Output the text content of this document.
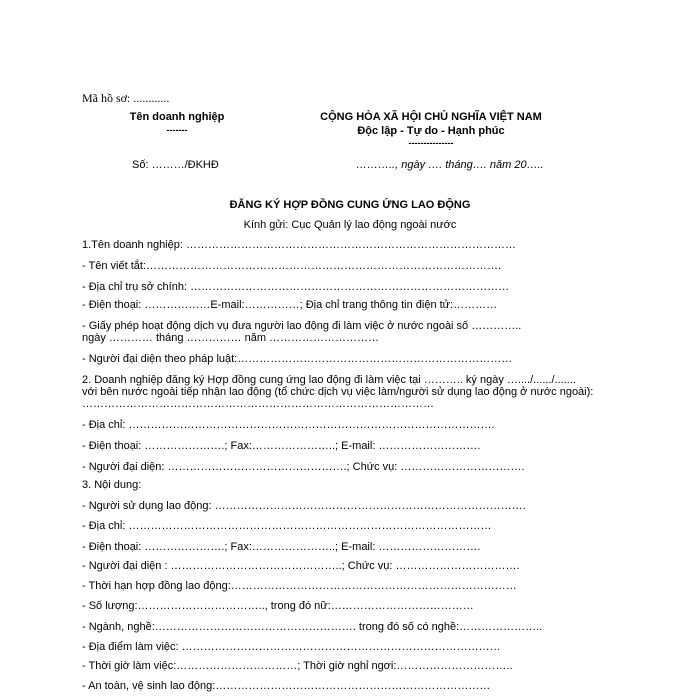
Mã hồ sơ: ............
Tên doanh nghiệp
-------
CỘNG HÒA XÃ HỘI CHỦ NGHĨA VIỆT NAM
Độc lập - Tự do - Hạnh phúc
---------------
Số: ………/ĐKHĐ	……….., ngày …. tháng…. năm 20…..
ĐĂNG KÝ HỢP ĐỒNG CUNG ỨNG LAO ĐỘNG
Kính gửi: Cục Quản lý lao động ngoài nước
1.Tên doanh nghiệp: ………………………………………………………………………………
- Tên viết tắt:…………………………………………………………………………………….
- Địa chỉ trụ sở chính: ……………………………………………………………………………
- Điện thoại: ………………E-mail:……………; Địa chỉ trang thông tin điện tử:…………
- Giấy phép hoạt động dịch vụ đưa người lao động đi làm việc ở nước ngoài số …………..
ngày ………… tháng …………… năm …………………………
- Người đại diện theo pháp luật:…………………………………………………………………
2. Doanh nghiệp đăng ký Hợp đồng cung ứng lao động đi làm việc tại ……….. ký ngày …..../....../.......
với bên nước ngoài tiếp nhận lao động (tổ chức dịch vụ việc làm/người sử dụng lao động ở nước ngoài):
……………………………………………………………………………………
- Địa chỉ: ……………………………………………………………………………………….
- Điện thoại: ………………….; Fax:…………………..; E-mail: ……………………….
- Người đại diện: ………………………………………….; Chức vụ: …………………………….
3. Nội dung:
- Người sử dụng lao động: ………………………………………………………………………….
- Địa chỉ: ………………………………………………………………………………………
- Điện thoại: ………………….; Fax:…………………..; E-mail: ……………………….
- Người đại diện : ………………………………………..; Chức vụ: …………………………….
- Thời hạn hợp đồng lao động:……………………………………………………………………
- Số lượng:…………………………….., trong đó nữ:…………………………………
- Ngành, nghề:………………………………………………. trong đó số có nghề:…………………..
- Địa điểm làm việc: ……………………………………………………………………………
- Thời giờ làm việc:……………………………; Thời giờ nghỉ ngơi:…………………………..
- An toàn, vệ sinh lao động:…………………………………………………………………
